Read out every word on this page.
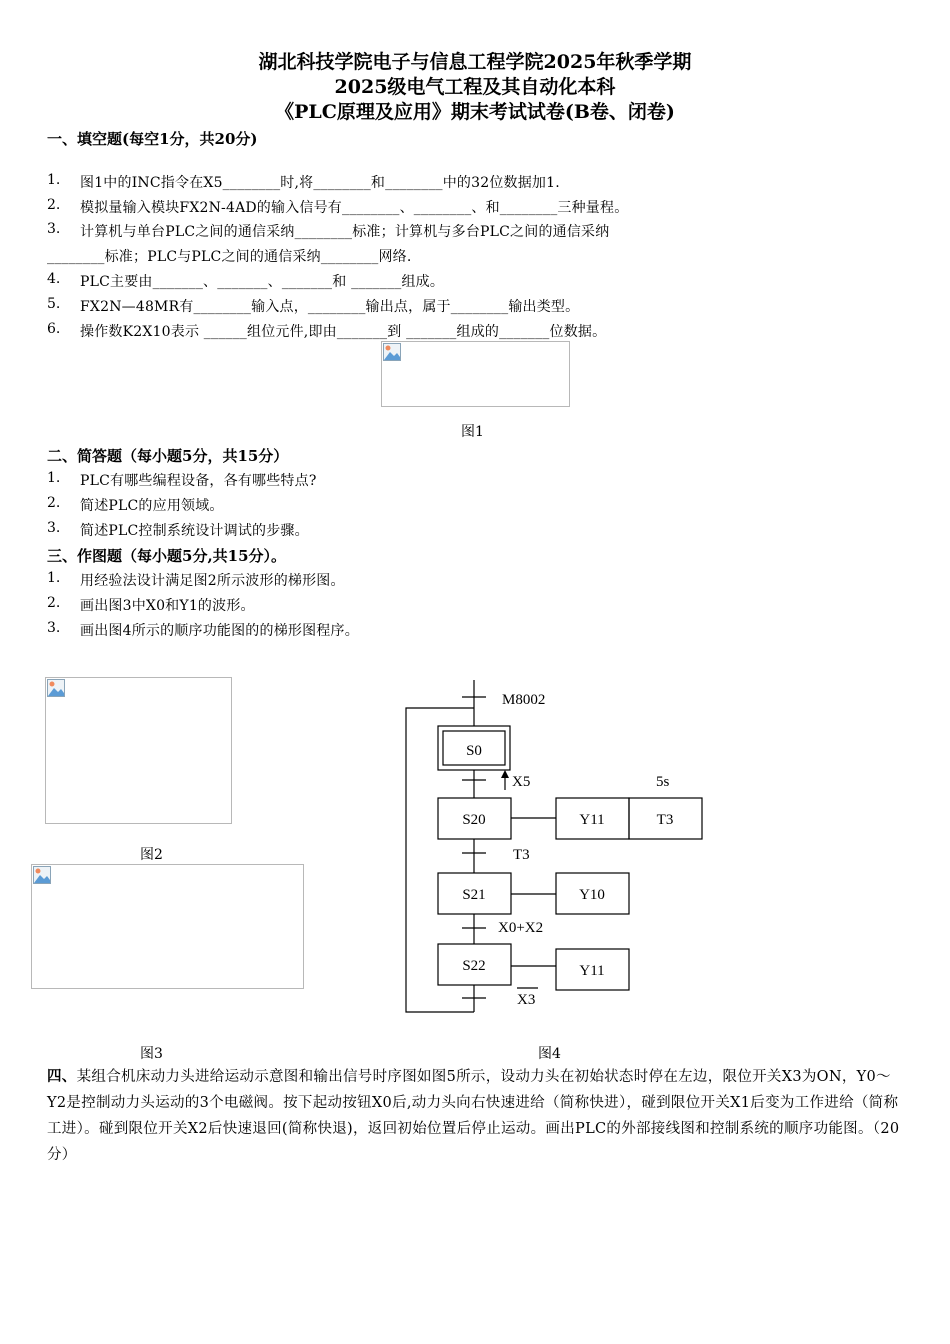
湖北科技学院电子与信息工程学院2025年秋季学期
2025级电气工程及其自动化本科
《PLC原理及应用》期末考试试卷(B卷、闭卷)
一、填空题(每空1分，共20分)
1. 图1中的INC指令在X5________时,将________和________中的32位数据加1.
2. 模拟量输入模块FX2N-4AD的输入信号有________、________、和________三种量程。
3. 计算机与单台PLC之间的通信采纳________标准；计算机与多台PLC之间的通信采纳
________标准；PLC与PLC之间的通信采纳________网络.
4. PLC主要由_______、_______、_______和 _______组成。
5. FX2N—48MR有________输入点，________输出点，属于________输出类型。
6. 操作数K2X10表示 ______组位元件,即由_______到 _______组成的_______位数据。
图1
二、简答题（每小题5分，共15分）
1. PLC有哪些编程设备，各有哪些特点?
2. 简述PLC的应用领域。
3. 简述PLC控制系统设计调试的步骤。
三、作图题（每小题5分,共15分）。
1. 用经验法设计满足图2所示波形的梯形图。
2. 画出图3中X0和Y1的波形。
3. 画出图4所示的顺序功能图的的梯形图程序。
图2
图3
M8002
S0
X5	5s
S20	Y11	T3
T3
S21	Y10
X0+X2
S22	Y11
X3
图4
四、某组合机床动力头进给运动示意图和输出信号时序图如图5所示，设动力头在初始状态时停在左边，限位开关X3为ON，Y0～Y2是控制动力头运动的3个电磁阀。按下起动按钮X0后,动力头向右快速进给（简称快进），碰到限位开关X1后变为工作进给（简称工进）。碰到限位开关X2后快速退回(简称快退)，返回初始位置后停止运动。画出PLC的外部接线图和控制系统的顺序功能图。（20分）
